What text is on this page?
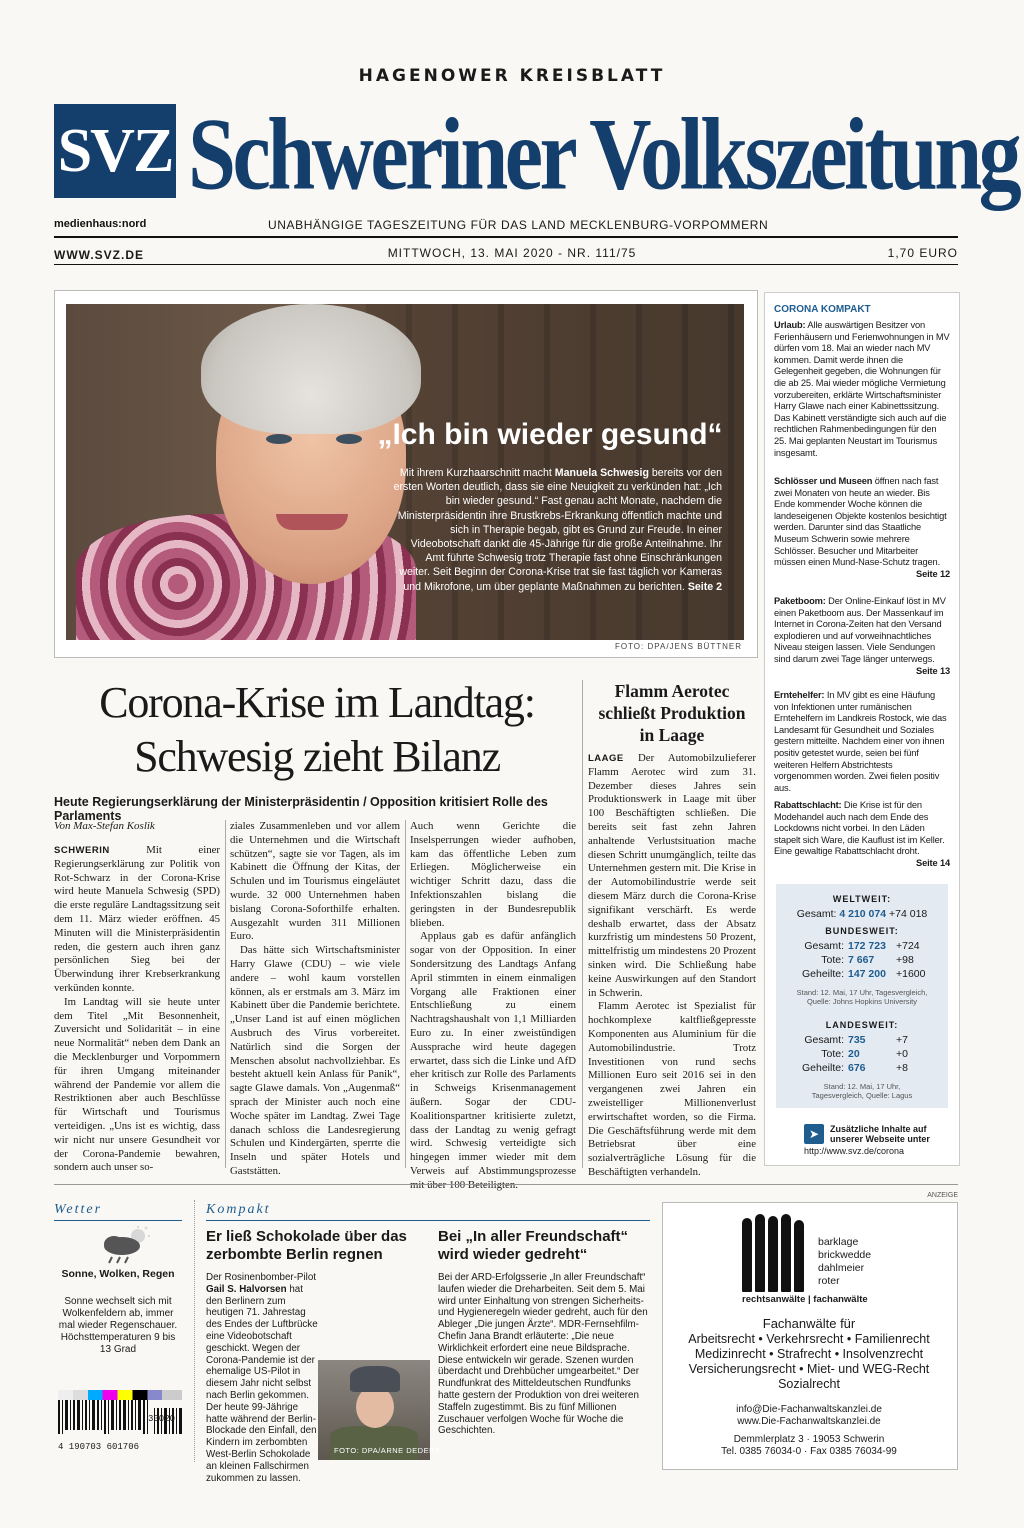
HAGENOWER KREISBLATT
SVZ Schweriner Volkszeitung
medienhaus:nord	UNABHÄNGIGE TAGESZEITUNG FÜR DAS LAND MECKLENBURG-VORPOMMERN
WWW.SVZ.DE	MITTWOCH, 13. MAI 2020 - NR. 111/75	1,70 EURO
„Ich bin wieder gesund“
Mit ihrem Kurzhaarschnitt macht Manuela Schwesig bereits vor den ersten Worten deutlich, dass sie eine Neuigkeit zu verkünden hat: „Ich bin wieder gesund.“ Fast genau acht Monate, nachdem die Ministerpräsidentin ihre Brustkrebs-Erkrankung öffentlich machte und sich in Therapie begab, gibt es Grund zur Freude. In einer Videobotschaft dankt die 45-Jährige für die große Anteilnahme. Ihr Amt führte Schwesig trotz Therapie fast ohne Einschränkungen weiter. Seit Beginn der Corona-Krise trat sie fast täglich vor Kameras und Mikrofone, um über geplante Maßnahmen zu berichten. Seite 2
FOTO: DPA/JENS BÜTTNER
Corona-Krise im Landtag:
Schwesig zieht Bilanz
Heute Regierungserklärung der Ministerpräsidentin / Opposition kritisiert Rolle des Parlaments
Von Max-Stefan Koslik

SCHWERIN Mit einer Regierungserklärung zur Politik von Rot-Schwarz in der Corona-Krise wird heute Manuela Schwesig (SPD) die erste reguläre Landtagssitzung seit dem 11. März wieder eröffnen. 45 Minuten will die Ministerpräsidentin reden, die gestern auch ihren ganz persönlichen Sieg bei der Überwindung ihrer Krebserkrankung verkünden konnte.

Im Landtag will sie heute unter dem Titel „Mit Besonnenheit, Zuversicht und Solidarität – in eine neue Normalität“ neben dem Dank an die Mecklenburger und Vorpommern für ihren Umgang miteinander während der Pandemie vor allem die Restriktionen aber auch Beschlüsse für Wirtschaft und Tourismus verteidigen. „Uns ist es wichtig, dass wir nicht nur unsere Gesundheit vor der Corona-Pandemie bewahren, sondern auch unser so-

ziales Zusammenleben und vor allem die Unternehmen und die Wirtschaft schützen“, sagte sie vor Tagen, als im Kabinett die Öffnung der Kitas, der Schulen und im Tourismus eingeläutet wurde. 32 000 Unternehmen haben bislang Corona-Soforthilfe erhalten. Ausgezahlt wurden 311 Millionen Euro.

Das hätte sich Wirtschaftsminister Harry Glawe (CDU) – wie viele andere – wohl kaum vorstellen können, als er erstmals am 3. März im Kabinett über die Pandemie berichtete. „Unser Land ist auf einen möglichen Ausbruch des Virus vorbereitet. Natürlich sind die Sorgen der Menschen absolut nachvollziehbar. Es besteht aktuell kein Anlass für Panik“, sagte Glawe damals. Von „Augenmaß“ sprach der Minister auch noch eine Woche später im Landtag. Zwei Tage danach schloss die Landesregierung Schulen und Kindergärten, sperrte die Inseln und später Hotels und Gaststätten.

Auch wenn Gerichte die Inselsperrungen wieder aufhoben, kam das öffentliche Leben zum Erliegen. Möglicherweise ein wichtiger Schritt dazu, dass die Infektionszahlen bislang die geringsten in der Bundesrepublik blieben.

Applaus gab es dafür anfänglich sogar von der Opposition. In einer Sondersitzung des Landtags Anfang April stimmten in einem einmaligen Vorgang alle Fraktionen einer Entschließung zu einem Nachtragshaushalt von 1,1 Milliarden Euro zu. In einer zweistündigen Aussprache wird heute dagegen erwartet, dass sich die Linke und AfD eher kritisch zur Rolle des Parlaments in Schweigs Krisenmanagement äußern. Sogar der CDU-Koalitionspartner kritisierte zuletzt, dass der Landtag zu wenig gefragt wird. Schwesig verteidigte sich hingegen immer wieder mit dem Verweis auf Abstimmungsprozesse

Flamm Aerotec
schließt Produktion
in Laage

LAAGE Der Automobilzulieferer Flamm Aerotec wird zum 31. Dezember dieses Jahres sein Produktionswerk in Laage mit über 100 Beschäftigten schließen. Die bereits seit fast zehn Jahren anhaltende Verlustsituation mache diesen Schritt unumgänglich, teilte das Unternehmen gestern mit. Die Krise in der Automobilindustrie werde seit diesem März durch die Corona-Krise signifikant verschärft. Es werde deshalb erwartet, dass der Absatz kurzfristig um mindestens 50 Prozent, mittelfristig um mindestens 20 Prozent sinken wird. Die Schließung habe keine Auswirkungen auf den Standort in Schwerin.

Flamm Aerotec ist Spezialist für hochkomplexe kaltfließgepresste Komponenten aus Aluminium für die Automobilindustrie. Trotz Investitionen von rund sechs Millionen Euro seit 2016 sei in den vergangenen zwei Jahren ein zweistelliger Millionenverlust erwirtschaftet worden, so die Firma. Die Geschäftsführung werde mit dem Betriebsrat über eine sozialverträgliche Lösung für die Beschäftigten verhandeln.

CORONA KOMPAKT
Urlaub: Alle auswärtigen Besitzer von Ferienhäusern und Ferienwohnungen in MV dürfen vom 18. Mai an wieder nach MV kommen. Damit werde ihnen die Gelegenheit gegeben, die Wohnungen für die ab 25. Mai wieder mögliche Vermietung vorzubereiten, erklärte Wirtschaftsminister Harry Glawe nach einer Kabinettssitzung. Das Kabinett verständigte sich auch auf die rechtlichen Rahmenbedingungen für den 25. Mai geplanten Neustart im Tourismus insgesamt.
Schlösser und Museen öffnen nach fast zwei Monaten von heute an wieder. Bis Ende kommender Woche können die landeseigenen Objekte kostenlos besichtigt werden. Darunter sind das Staatliche Museum Schwerin sowie mehrere Schlösser. Besucher und Mitarbeiter müssen einen Mund-Nase-Schutz tragen.
Seite 12
Paketboom: Der Online-Einkauf löst in MV einen Paketboom aus. Der Massenkauf im Internet in Corona-Zeiten hat den Versand explodieren und auf vorweihnachtliches Niveau steigen lassen. Viele Sendungen sind darum zwei Tage länger unterwegs.
Seite 13
Erntehelfer: In MV gibt es eine Häufung von Infektionen unter rumänischen Erntehelfern im Landkreis Rostock, wie das Landesamt für Gesundheit und Soziales gestern mitteilte. Nachdem einer von ihnen positiv getestet wurde, seien bei fünf weiteren Helfern Abstrichtests vorgenommen worden. Zwei fielen positiv aus.
Rabattschlacht: Die Krise ist für den Modehandel auch nach dem Ende des Lockdowns nicht vorbei. In den Läden stapelt sich Ware, die Kauflust ist im Keller. Eine gewaltige Rabattschlacht droht.
Seite 14
WELTWEIT:
Gesamt: 4 210 074 +74 018
BUNDESWEIT:
Gesamt: 172 723 +724
Tote: 7 667 +98
Geheilte: 147 200 +1600
Stand: 12. Mai, 17 Uhr, Tagesvergleich,
Quelle: Johns Hopkins University
LANDESWEIT:
Gesamt: 735	+7
Tote: 20	+0
Geheilte: 676	+8
Stand: 12. Mai, 17 Uhr,
Tagesvergleich, Quelle: Lagus
➤	Zusätzliche Inhalte auf unserer Webseite unter
http://www.svz.de/corona
ANZEIGE
Wetter
Sonne, Wolken, Regen
Sonne wechselt sich mit Wolkenfeldern ab, immer mal wieder Regenschauer. Höchsttemperaturen 9 bis 13 Grad
30020
4 190703 601706
Kompakt
Er ließ Schokolade über das zerbombte Berlin regnen
Der Rosinenbomber-Pilot Gail S. Halvorsen hat den Berlinern zum heutigen 71. Jahrestag des Endes der Luftbrücke eine Videobotschaft geschickt. Wegen der Corona-Pandemie ist der ehemalige US-Pilot in diesem Jahr nicht selbst nach Berlin gekommen. Der heute 99-Jährige hatte während der Berlin-Blockade den Einfall, den Kindern im zerbombten West-Berlin Schokolade an kleinen Fallschirmen zukommen zu lassen.
FOTO: DPA/ARNE DEDERT
Bei „In aller Freundschaft“ wird wieder gedreht“
Bei der ARD-Erfolgsserie „In aller Freundschaft“ laufen wieder die Dreharbeiten. Seit dem 5. Mai wird unter Einhaltung von strengen Sicherheits- und Hygieneregeln wieder gedreht, auch für den Ableger „Die jungen Ärzte“. MDR-Fernsehfilm-Chefin Jana Brandt erläuterte: „Die neue Wirklichkeit erfordert eine neue Bildsprache. Diese entwickeln wir gerade. Szenen wurden überdacht und Drehbücher umgearbeitet.“ Der Rundfunkrat des Mitteldeutschen Rundfunks hatte gestern der Produktion von drei weiteren Staffeln zugestimmt. Bis zu fünf Millionen Zuschauer verfolgen Woche für Woche die Geschichten.
barklage
brickwedde
dahlmeier
roter
rechtsanwälte | fachanwälte
Fachanwälte für
Arbeitsrecht • Verkehrsrecht • Familienrecht
Medizinrecht • Strafrecht • Insolvenzrecht
Versicherungsrecht • Miet- und WEG-Recht
Sozialrecht
info@Die-Fachanwaltskanzlei.de
www.Die-Fachanwaltskanzlei.de
Demmlerplatz 3 · 19053 Schwerin
Tel. 0385 76034-0 · Fax 0385 76034-99
